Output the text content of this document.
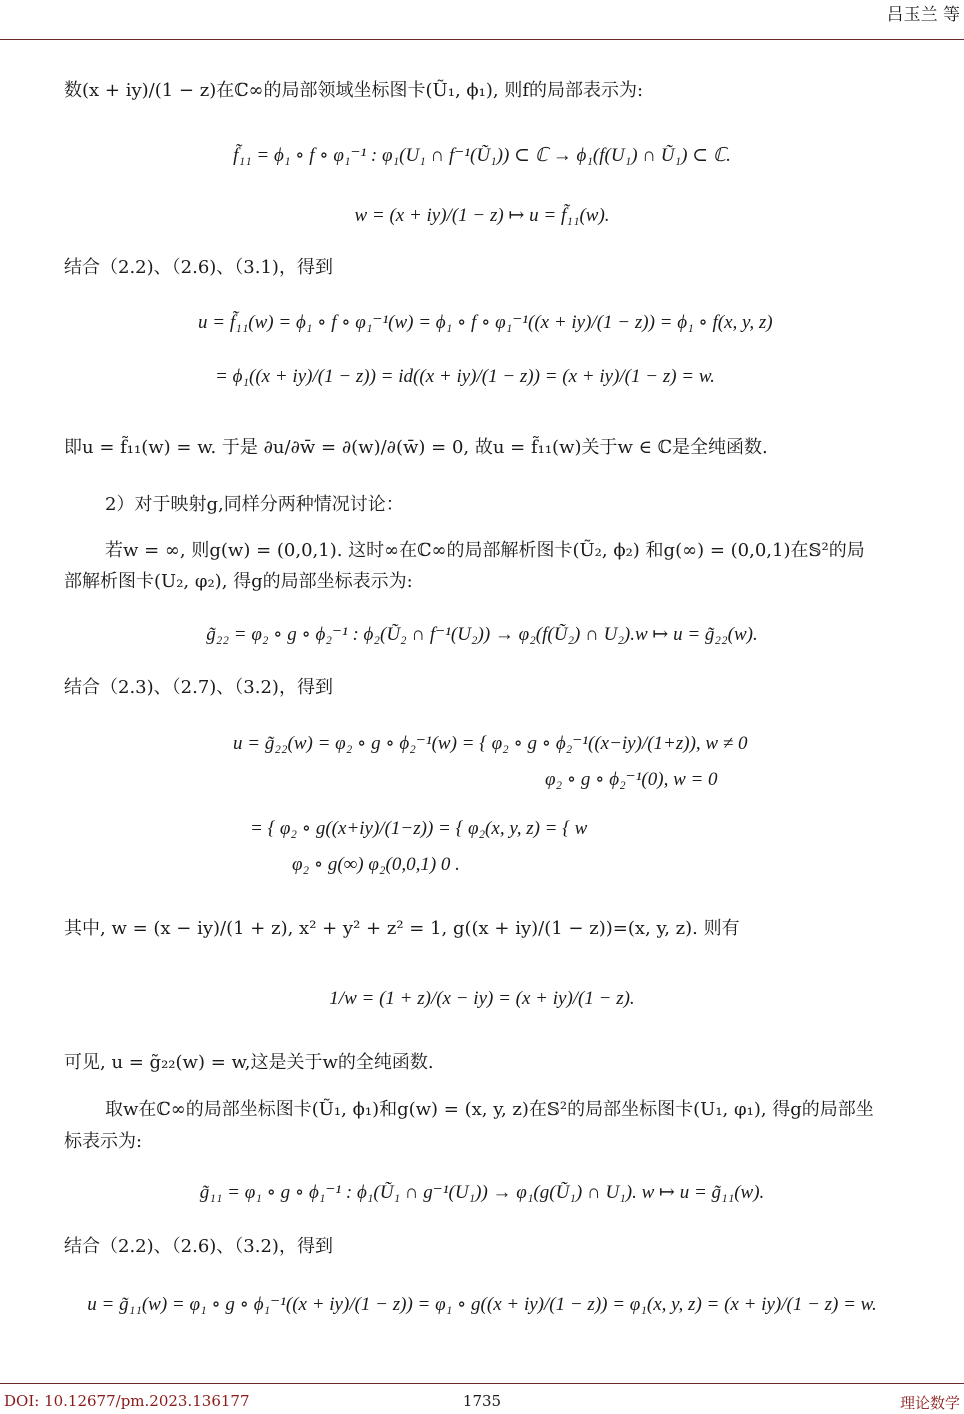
吕玉兰 等
数(x + iy)/(1 − z)在ℂ∞的局部领域坐标图卡(Ũ₁, ϕ₁), 则f的局部表示为:
f̃₁₁ = ϕ₁ ∘ f ∘ φ₁⁻¹ : φ₁(U₁ ∩ f⁻¹(Ũ₁)) ⊂ ℂ → ϕ₁(f(U₁) ∩ Ũ₁) ⊂ ℂ.
w = (x + iy)/(1 − z) ↦ u = f̃₁₁(w).
结合（2.2)、（2.6)、（3.1)，得到
u = f̃₁₁(w) = ϕ₁ ∘ f ∘ φ₁⁻¹(w) = ϕ₁ ∘ f ∘ φ₁⁻¹((x + iy)/(1 − z)) = ϕ₁ ∘ f(x, y, z)
= ϕ₁((x + iy)/(1 − z)) = id((x + iy)/(1 − z)) = (x + iy)/(1 − z) = w.
即u = f̃₁₁(w) = w. 于是 ∂u/∂w̄ = ∂(w)/∂(w̄) = 0, 故u = f̃₁₁(w)关于w ∈ ℂ是全纯函数.
2）对于映射g,同样分两种情况讨论：
若w = ∞, 则g(w) = (0,0,1). 这时∞在ℂ∞的局部解析图卡(Ũ₂, ϕ₂) 和g(∞) = (0,0,1)在𝕊²的局
部解析图卡(U₂, φ₂), 得g的局部坐标表示为:
g̃₂₂ = φ₂ ∘ g ∘ ϕ₂⁻¹ : ϕ₂(Ũ₂ ∩ f⁻¹(U₂)) → φ₂(f(Ũ₂) ∩ U₂).w ↦ u = g̃₂₂(w).
结合（2.3)、（2.7)、（3.2)，得到
u = g̃₂₂(w) = φ₂ ∘ g ∘ ϕ₂⁻¹(w) = { φ₂ ∘ g ∘ ϕ₂⁻¹((x−iy)/(1+z)), w ≠ 0
φ₂ ∘ g ∘ ϕ₂⁻¹(0), w = 0
= { φ₂ ∘ g((x+iy)/(1−z)) = { φ₂(x, y, z) = { w
φ₂ ∘ g(∞) φ₂(0,0,1) 0 .
其中, w = (x − iy)/(1 + z), x² + y² + z² = 1, g((x + iy)/(1 − z))=(x, y, z). 则有
1/w = (1 + z)/(x − iy) = (x + iy)/(1 − z).
可见, u = g̃₂₂(w) = w,这是关于w的全纯函数.
取w在ℂ∞的局部坐标图卡(Ũ₁, ϕ₁)和g(w) = (x, y, z)在𝕊²的局部坐标图卡(U₁, φ₁), 得g的局部坐
标表示为:
g̃₁₁ = φ₁ ∘ g ∘ ϕ₁⁻¹ : ϕ₁(Ũ₁ ∩ g⁻¹(U₁)) → φ₁(g(Ũ₁) ∩ U₁). w ↦ u = g̃₁₁(w).
结合（2.2)、（2.6)、（3.2)，得到
u = g̃₁₁(w) = φ₁ ∘ g ∘ ϕ₁⁻¹((x + iy)/(1 − z)) = φ₁ ∘ g((x + iy)/(1 − z)) = φ₁(x, y, z) = (x + iy)/(1 − z) = w.
DOI: 10.12677/pm.2023.136177	1735	理论数学
